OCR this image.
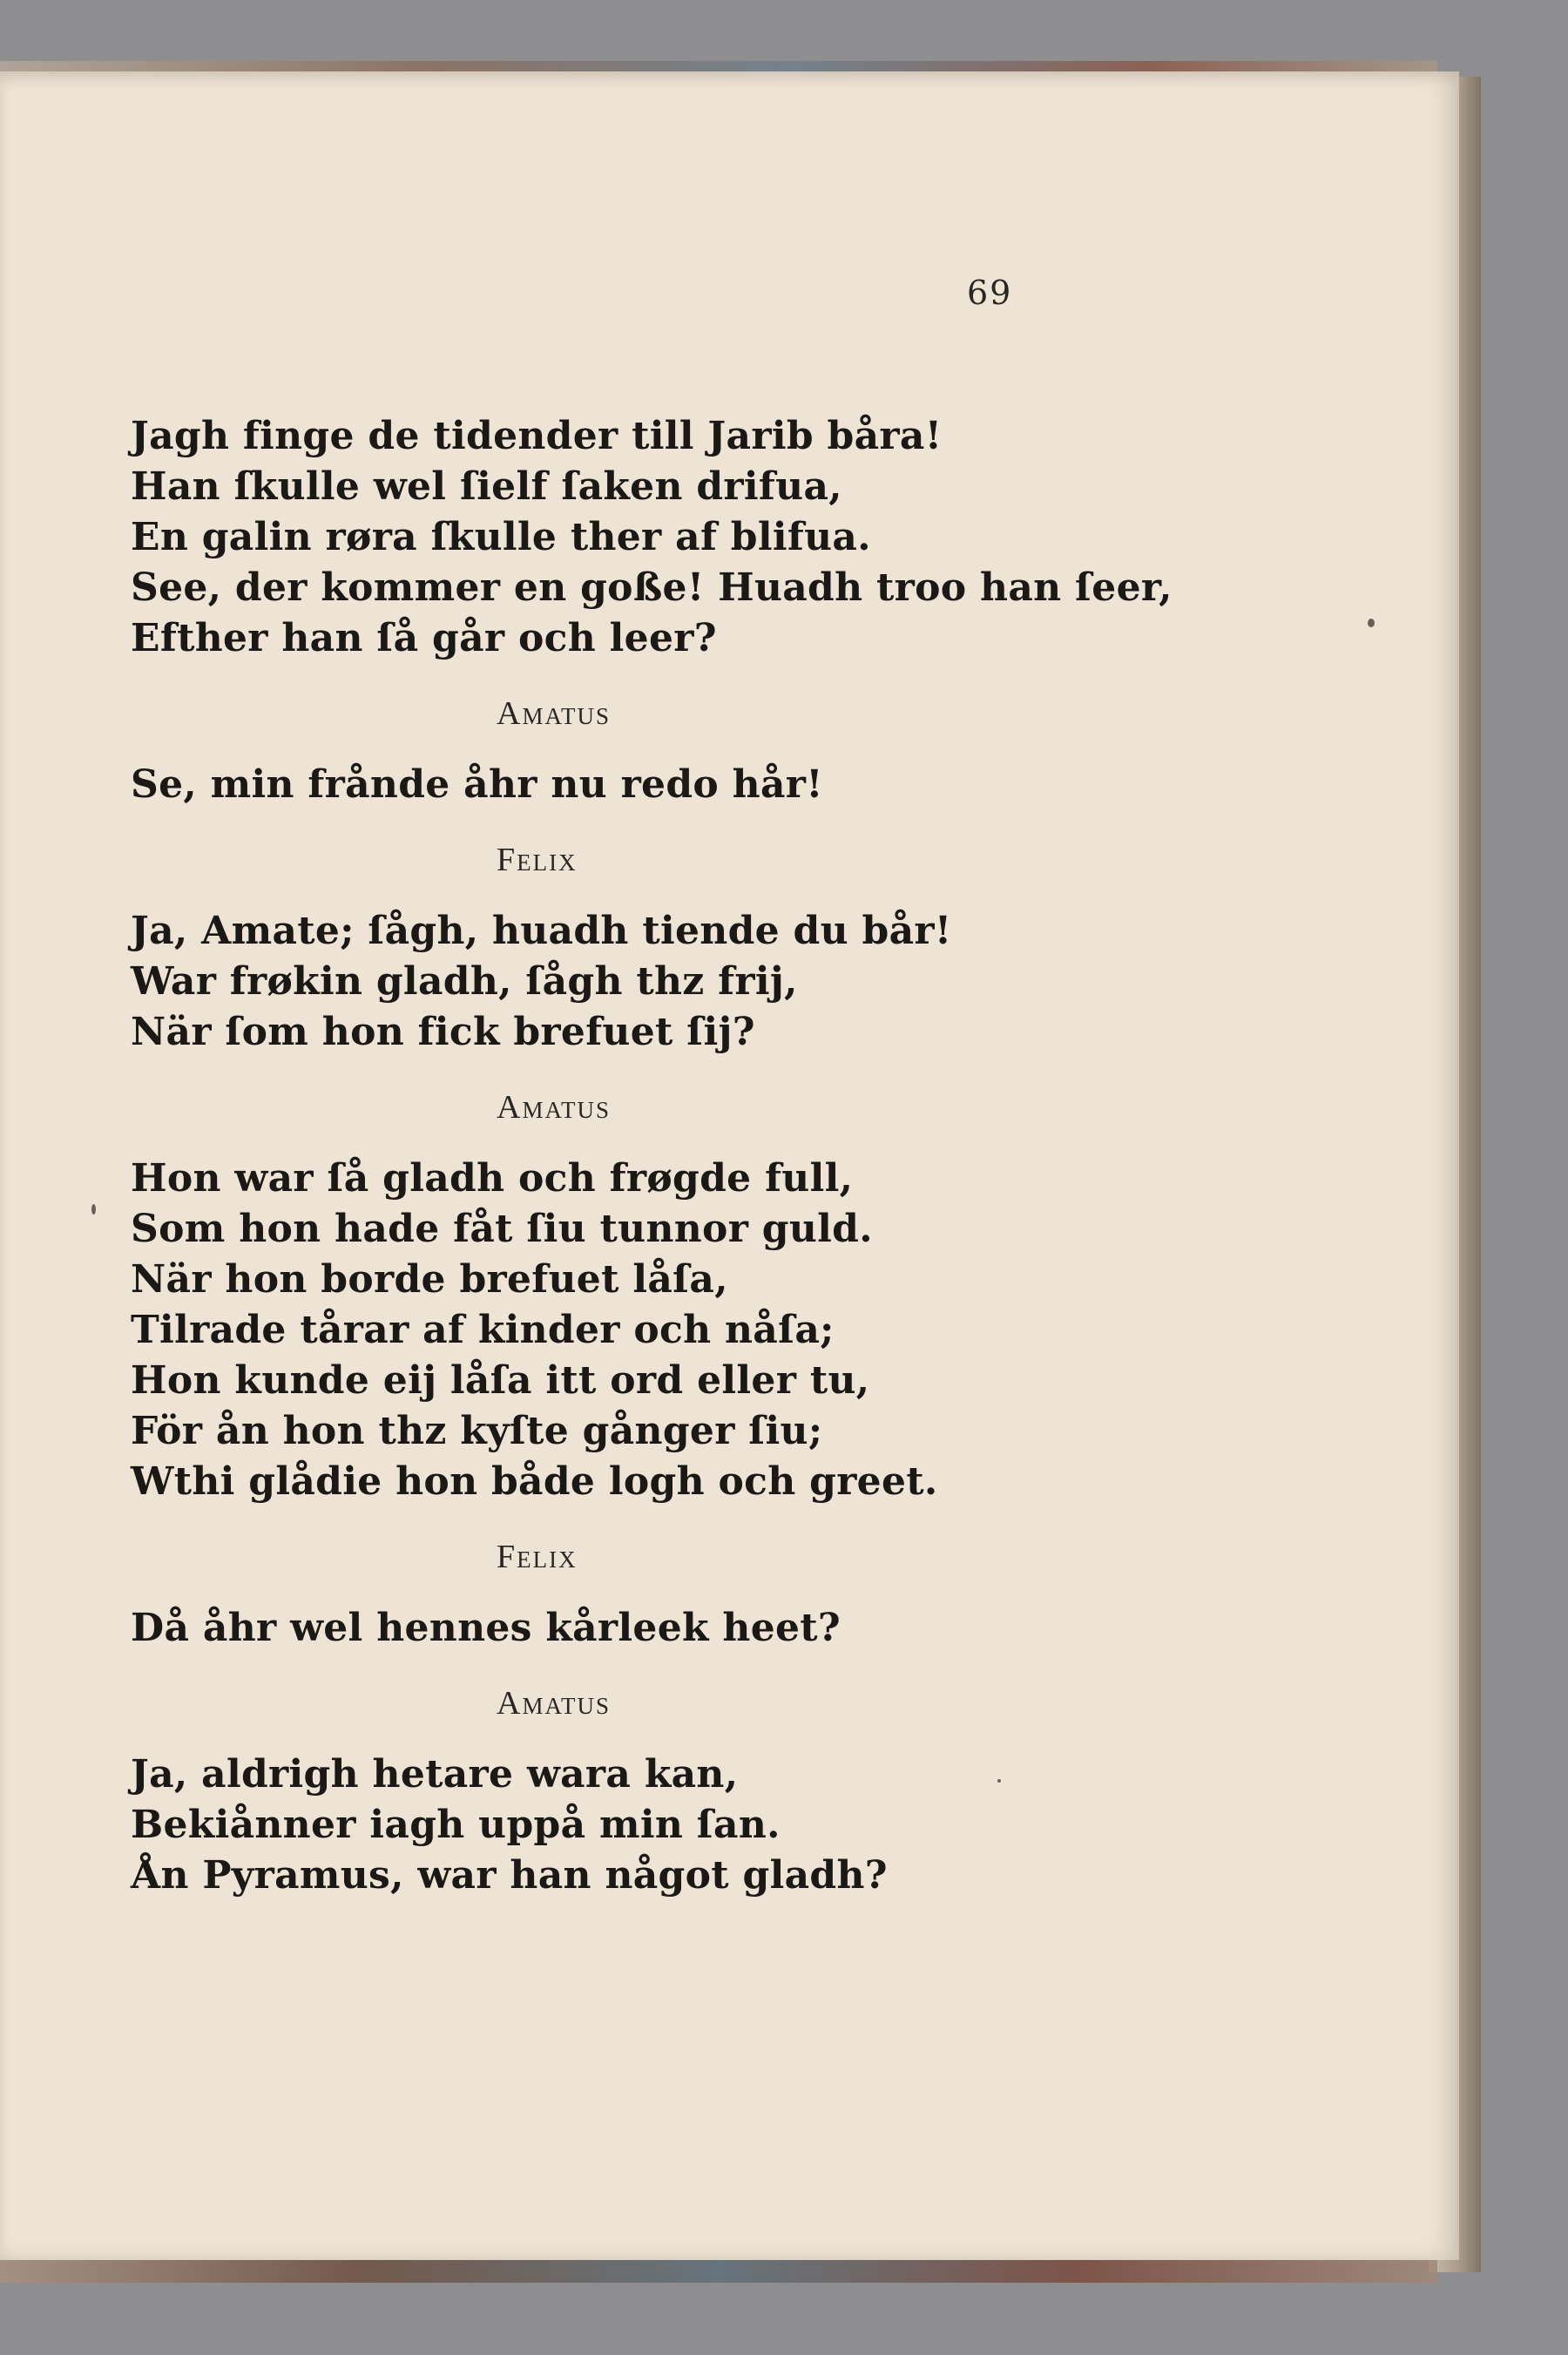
69
Jagh finge de tidender till Jarib båra!
Han ſkulle wel ſielf ſaken drifua,
En galin røra ſkulle ther af blifua.
See, der kommer en goße! Huadh troo han ſeer,
Efther han ſå går och leer?
Amatus
Se, min frånde åhr nu redo hår!
Felix
Ja, Amate; ſågh, huadh tiende du bår!
War frøkin gladh, ſågh thz frij,
När ſom hon fick brefuet ſij?
Amatus
Hon war ſå gladh och frøgde full,
Som hon hade fåt ſiu tunnor guld.
När hon borde brefuet låſa,
Tilrade tårar af kinder och nåſa;
Hon kunde eij låſa itt ord eller tu,
För ån hon thz kyſte gånger ſiu;
Wthi glådie hon både logh och greet.
Felix
Då åhr wel hennes kårleek heet?
Amatus
Ja, aldrigh hetare wara kan,
Bekiånner iagh uppå min ſan.
Ån Pyramus, war han något gladh?
